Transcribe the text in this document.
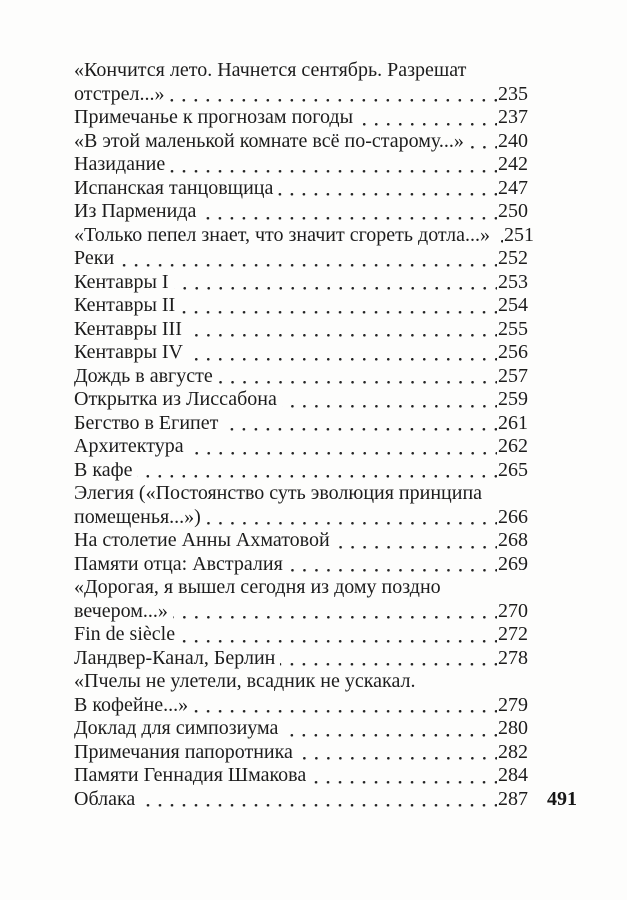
«Кончится лето. Начнется сентябрь. Разрешат
отстрел...»	235
Примечанье к прогнозам погоды	237
«В этой маленькой комнате всё по-старому...» 240
Назидание	242
Испанская танцовщица	247
Из Парменида	250
«Только пепел знает, что значит сгореть дотла...» 251
Реки	252
Кентавры I	253
Кентавры II	254
Кентавры III	255
Кентавры IV	256
Дождь в августе	257
Открытка из Лиссабона	259
Бегство в Египет	261
Архитектура	262
В кафе	265
Элегия («Постоянство суть эволюция принципа
помещенья...»)	266
На столетие Анны Ахматовой	268
Памяти отца: Австралия	269
«Дорогая, я вышел сегодня из дому поздно
вечером...»	270
Fin de siècle	272
Ландвер-Канал, Берлин	278
«Пчелы не улетели, всадник не ускакал.
В кофейне...»	279
Доклад для симпозиума	280
Примечания папоротника	282
Памяти Геннадия Шмакова	284
Облака	287 491
